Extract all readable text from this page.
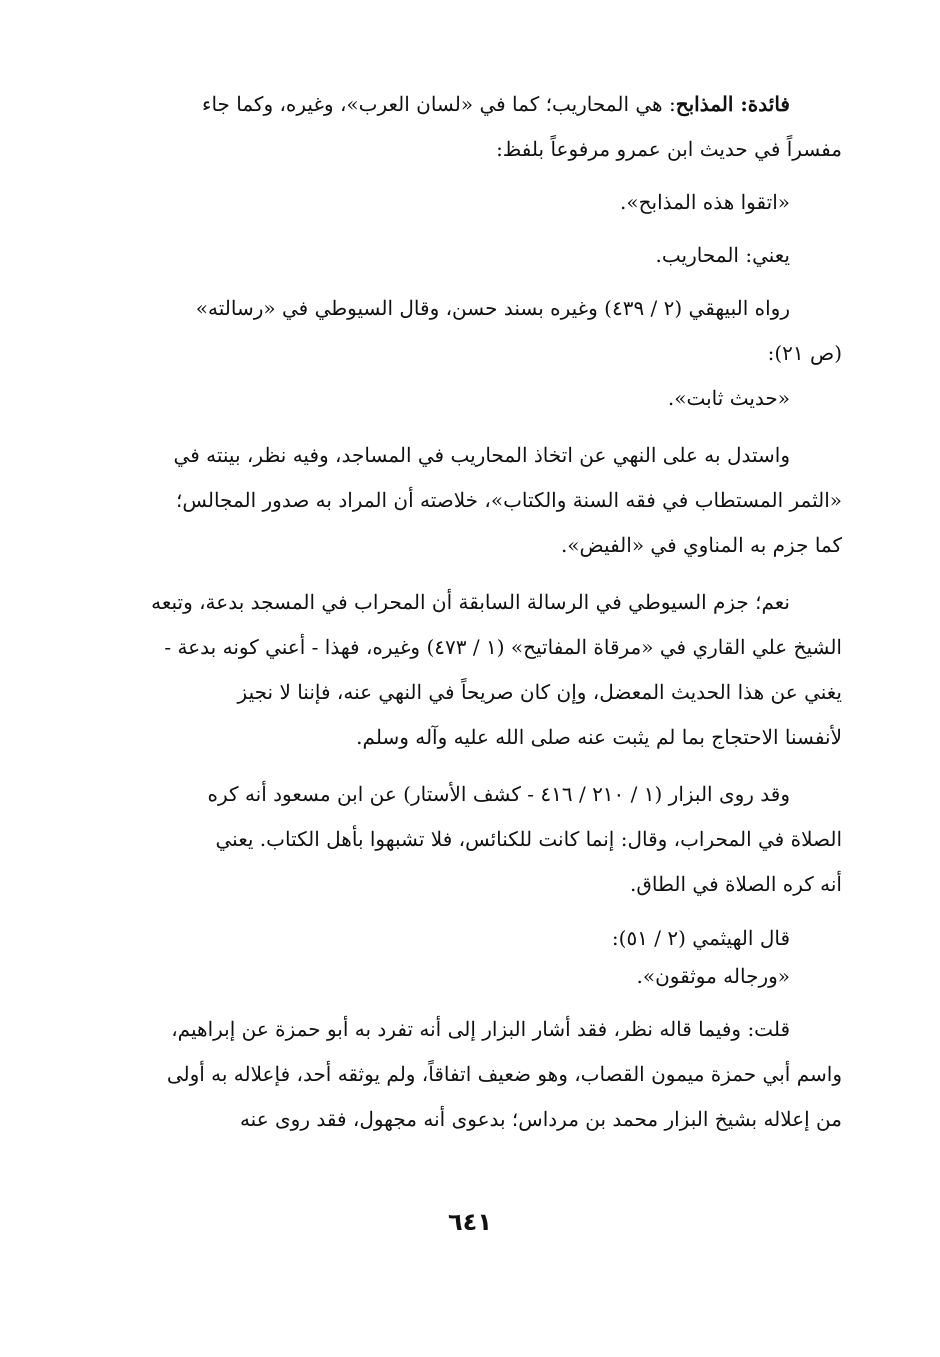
فائدة: المذابح: هي المحاريب؛ كما في «لسان العرب»، وغيره، وكما جاء
مفسراً في حديث ابن عمرو مرفوعاً بلفظ:
«اتقوا هذه المذابح».
يعني: المحاريب.
رواه البيهقي (٢ / ٤٣٩) وغيره بسند حسن، وقال السيوطي في «رسالته»
(ص ٢١):
«حديث ثابت».
واستدل به على النهي عن اتخاذ المحاريب في المساجد، وفيه نظر، بينته في
«الثمر المستطاب في فقه السنة والكتاب»، خلاصته أن المراد به صدور المجالس؛
كما جزم به المناوي في «الفيض».
نعم؛ جزم السيوطي في الرسالة السابقة أن المحراب في المسجد بدعة، وتبعه
الشيخ علي القاري في «مرقاة المفاتيح» (١ / ٤٧٣) وغيره، فهذا - أعني كونه بدعة -
يغني عن هذا الحديث المعضل، وإن كان صريحاً في النهي عنه، فإننا لا نجيز
لأنفسنا الاحتجاج بما لم يثبت عنه صلى الله عليه وآله وسلم.
وقد روى البزار (١ / ٢١٠ / ٤١٦ - كشف الأستار) عن ابن مسعود أنه كره
الصلاة في المحراب، وقال: إنما كانت للكنائس، فلا تشبهوا بأهل الكتاب. يعني
أنه كره الصلاة في الطاق.
قال الهيثمي (٢ / ٥١):
«ورجاله موثقون».
قلت: وفيما قاله نظر، فقد أشار البزار إلى أنه تفرد به أبو حمزة عن إبراهيم،
واسم أبي حمزة ميمون القصاب، وهو ضعيف اتفاقاً، ولم يوثقه أحد، فإعلاله به أولى
من إعلاله بشيخ البزار محمد بن مرداس؛ بدعوى أنه مجهول، فقد روى عنه
٦٤١
